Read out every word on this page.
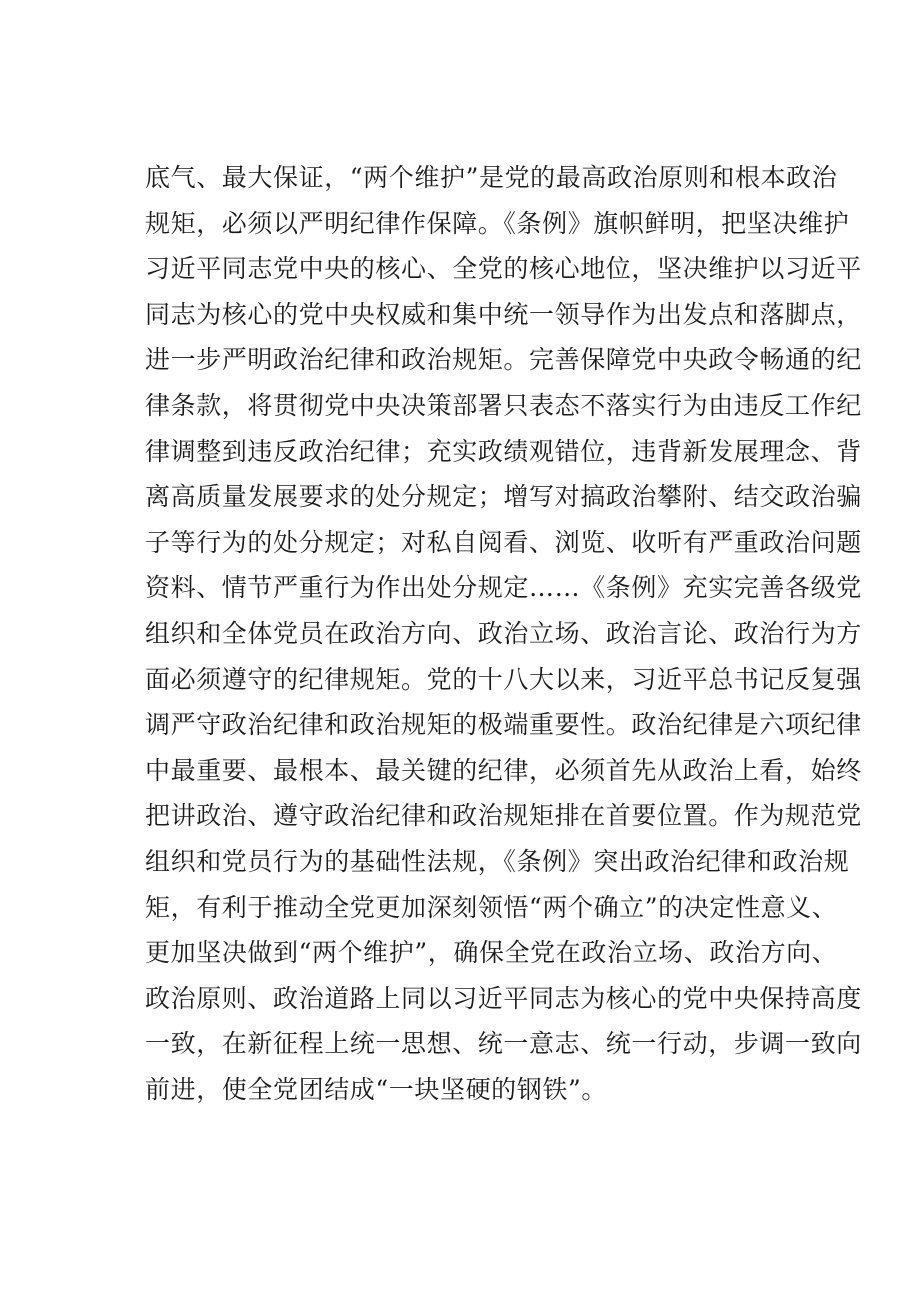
底气、最大保证，“两个维护”是党的最高政治原则和根本政治
规矩，必须以严明纪律作保障。《条例》旗帜鲜明，把坚决维护
习近平同志党中央的核心、全党的核心地位，坚决维护以习近平
同志为核心的党中央权威和集中统一领导作为出发点和落脚点，
进一步严明政治纪律和政治规矩。完善保障党中央政令畅通的纪
律条款，将贯彻党中央决策部署只表态不落实行为由违反工作纪
律调整到违反政治纪律；充实政绩观错位，违背新发展理念、背
离高质量发展要求的处分规定；增写对搞政治攀附、结交政治骗
子等行为的处分规定；对私自阅看、浏览、收听有严重政治问题
资料、情节严重行为作出处分规定……《条例》充实完善各级党
组织和全体党员在政治方向、政治立场、政治言论、政治行为方
面必须遵守的纪律规矩。党的十八大以来，习近平总书记反复强
调严守政治纪律和政治规矩的极端重要性。政治纪律是六项纪律
中最重要、最根本、最关键的纪律，必须首先从政治上看，始终
把讲政治、遵守政治纪律和政治规矩排在首要位置。作为规范党
组织和党员行为的基础性法规，《条例》突出政治纪律和政治规
矩，有利于推动全党更加深刻领悟“两个确立”的决定性意义、
更加坚决做到“两个维护”，确保全党在政治立场、政治方向、
政治原则、政治道路上同以习近平同志为核心的党中央保持高度
一致，在新征程上统一思想、统一意志、统一行动，步调一致向
前进，使全党团结成“一块坚硬的钢铁”。
